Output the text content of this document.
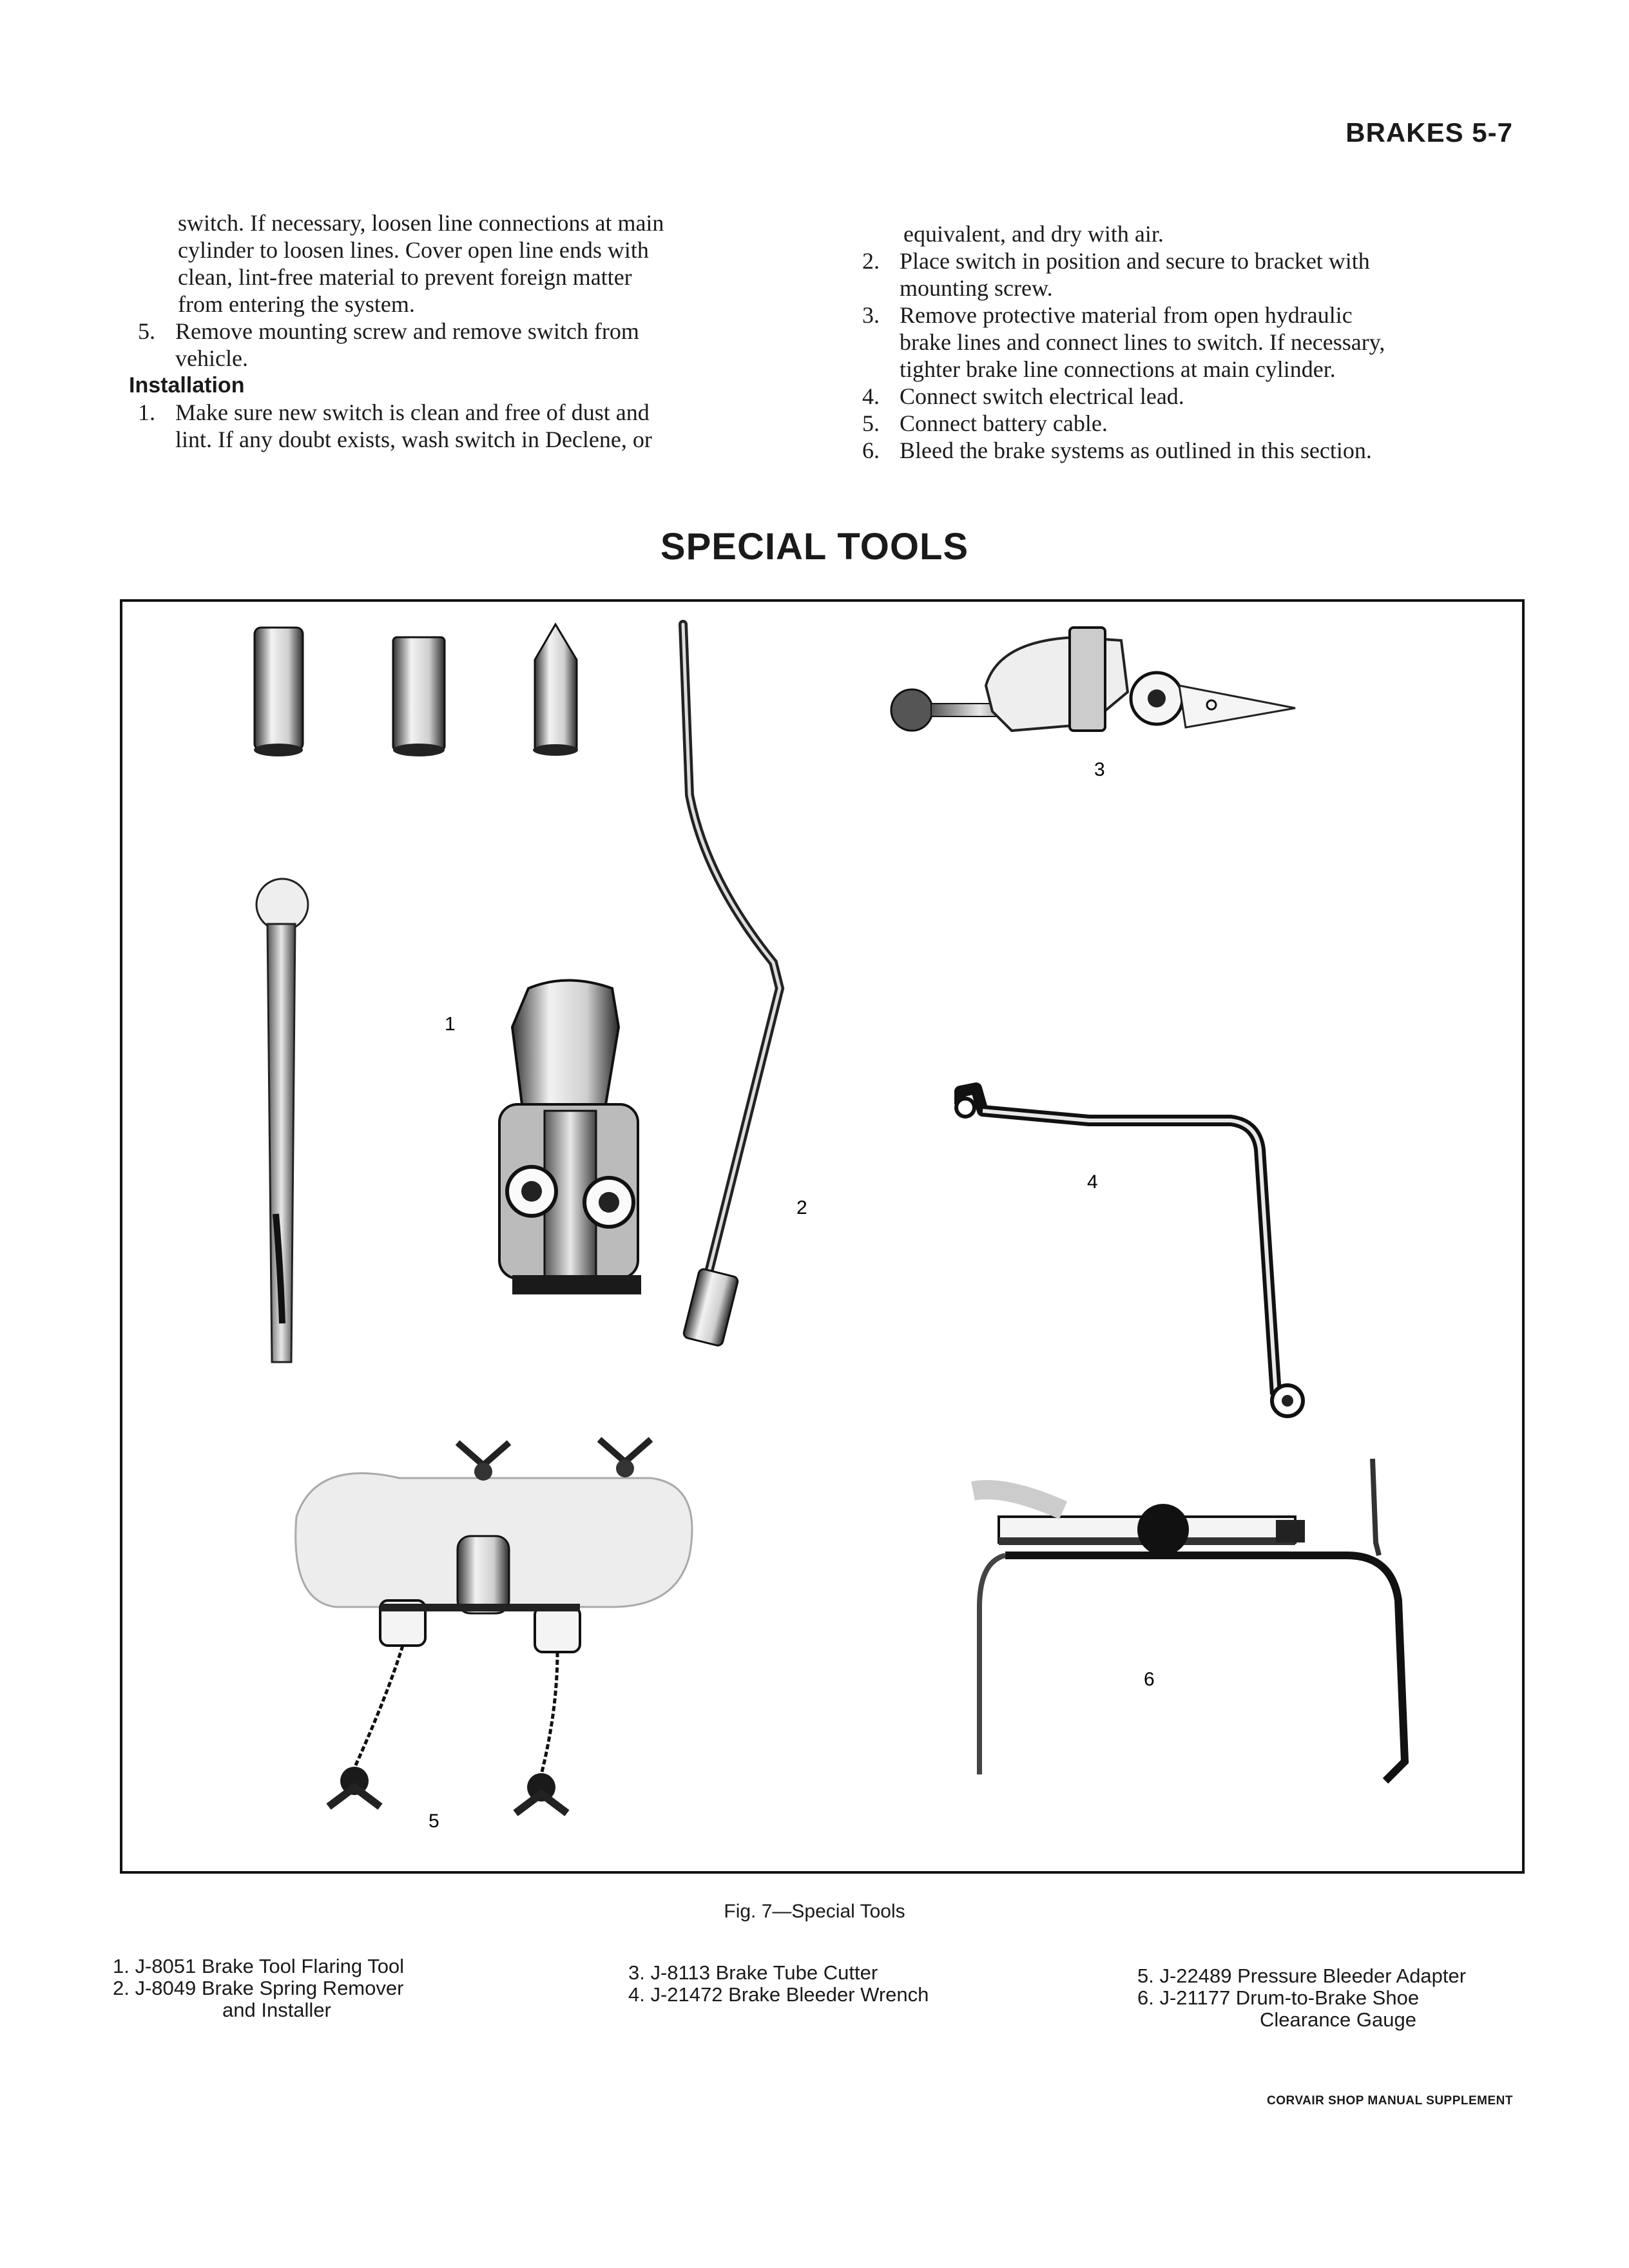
BRAKES 5-7

switch. If necessary, loosen line connections at main

cylinder to loosen lines. Cover open line ends with

clean, lint-free material to prevent foreign matter

from entering the system.

5. Remove mounting screw and remove switch from

vehicle.

Installation

1. Make sure new switch is clean and free of dust and

lint. If any doubt exists, wash switch in Declene, or

equivalent, and dry with air.

2. Place switch in position and secure to bracket with

mounting screw.

3. Remove protective material from open hydraulic

brake lines and connect lines to switch. If necessary,

tighter brake line connections at main cylinder.

4. Connect switch electrical lead.

5. Connect battery cable.

6. Bleed the brake systems as outlined in this section.

SPECIAL TOOLS
1
2
3
4
5
6
Fig. 7—Special Tools
1. J-8051 Brake Tool Flaring Tool
2. J-8049 Brake Spring Remover
and Installer
3. J-8113 Brake Tube Cutter
4. J-21472 Brake Bleeder Wrench
5. J-22489 Pressure Bleeder Adapter
6. J-21177 Drum-to-Brake Shoe
Clearance Gauge
CORVAIR SHOP MANUAL SUPPLEMENT
